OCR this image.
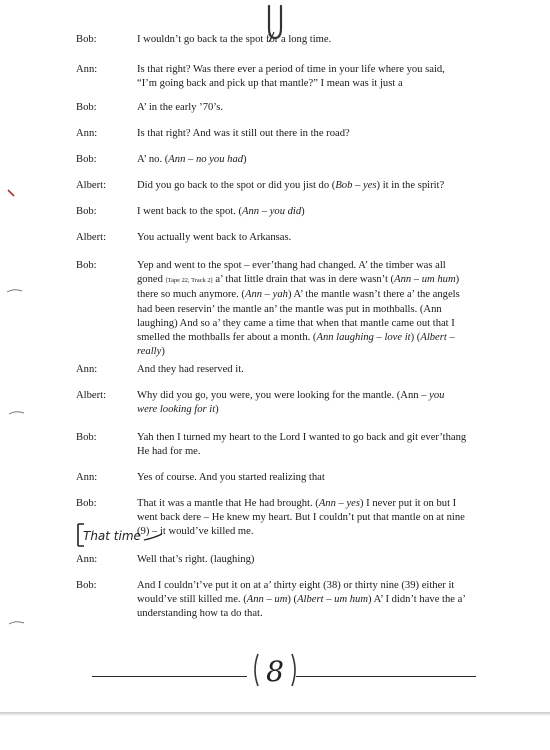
Bob:	I wouldn’t go back ta the spot for a long time.
Ann:	Is that right? Was there ever a period of time in your life where you said, “I’m going back and pick up that mantle?” I mean was it just a
Bob:	A’ in the early ’70’s.
Ann:	Is that right? And was it still out there in the road?
Bob:	A’ no. (Ann – no you had)
Albert:	Did you go back to the spot or did you jist do (Bob – yes) it in the spirit?
Bob:	I went back to the spot. (Ann – you did)
Albert:	You actually went back to Arkansas.
Bob:	Yep and went to the spot – ever’thang had changed. A’ the timber was all goned [Tape 22, Track 2] a’ that little drain that was in dere wasn’t (Ann – um hum) there so much anymore. (Ann – yah) A’ the mantle wasn’t there a’ the angels had been reservin’ the mantle an’ the mantle was put in mothballs. (Ann laughing) And so a’ they came a time that when that mantle came out that I smelled the mothballs fer about a month. (Ann laughing – love it) (Albert – really)
Ann:	And they had reserved it.
Albert:	Why did you go, you were, you were looking for the mantle. (Ann – you were looking for it)
Bob:	Yah then I turned my heart to the Lord I wanted to go back and git ever’thang He had for me.
Ann:	Yes of course. And you started realizing that
Bob:	That it was a mantle that He had brought. (Ann – yes) I never put it on but I went back dere – He knew my heart. But I couldn’t put that mantle on at nine (9) – it would’ve killed me.
Ann:	Well that’s right. (laughing)
Bob:	And I couldn’t’ve put it on at a’ thirty eight (38) or thirty nine (39) either it would’ve still killed me. (Ann – um) (Albert – um hum) A’ I didn’t have the a’ understanding how ta do that.
That time
8
